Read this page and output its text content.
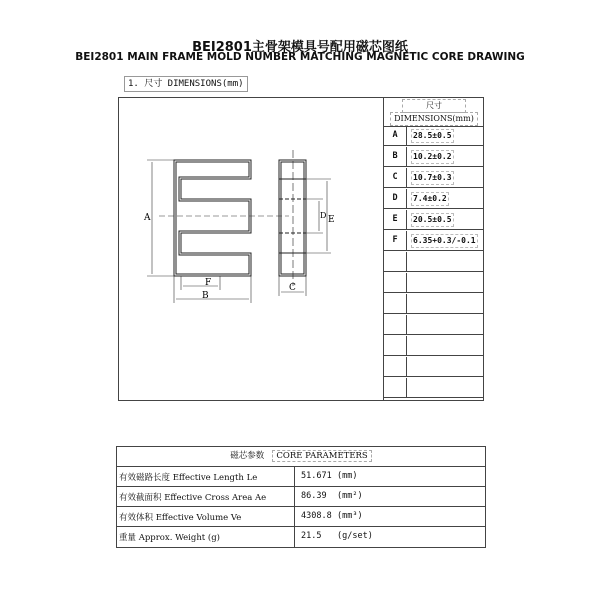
BEI2801主骨架模具号配用磁芯图纸
BEI2801 MAIN FRAME MOLD NUMBER MATCHING MAGNETIC CORE DRAWING
1. 尺寸 DIMENSIONS(mm)
A
B
F
D E
C
尺寸
DIMENSIONS(mm)
A	28.5±0.5
B	10.2±0.2
C	10.7±0.3
D	7.4±0.2
E	20.5±0.5
F	6.35+0.3/-0.1
磁芯参数 CORE PARAMETERS
有效磁路长度 Effective Length Le	51.671 (mm)
有效截面积 Effective Cross Area Ae	86.39 (mm²)
有效体积 Effective Volume Ve	4308.8 (mm³)
重量 Approx. Weight (g)	21.5 (g/set)
